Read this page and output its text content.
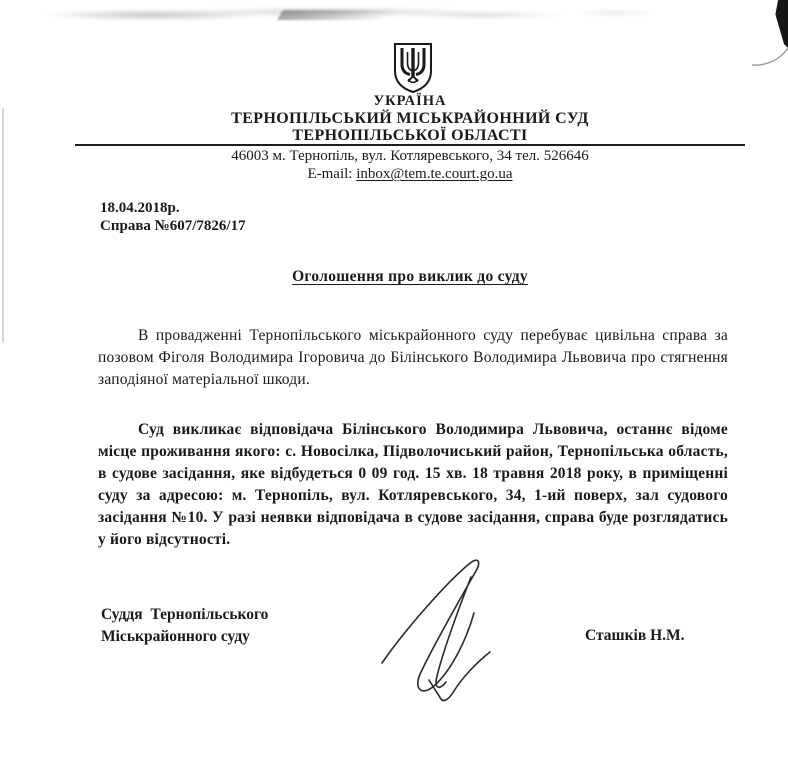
УКРАЇНА
ТЕРНОПІЛЬСЬКИЙ МІСЬКРАЙОННИЙ СУД
ТЕРНОПІЛЬСЬКОЇ ОБЛАСТІ
46003 м. Тернопіль, вул. Котляревського, 34 тел. 526646
E-mail: inbox@tem.te.court.go.ua
18.04.2018р.
Справа №607/7826/17
Оголошення про виклик до суду

В провадженні Тернопільського міськрайонного суду перебуває цивільна справа за позовом Фіголя Володимира Ігоровича до Білінського Володимира Львовича про стягнення заподіяної матеріальної шкоди.

Суд викликає відповідача Білінського Володимира Львовича, останнє відоме місце проживання якого: с. Новосілка, Підволочиський район, Тернопільська область, в судове засідання, яке відбудеться 0 09 год. 15 хв. 18 травня 2018 року, в приміщенні суду за адресою: м. Тернопіль, вул. Котляревського, 34, 1-ий поверх, зал судового засідання №10. У разі неявки відповідача в судове засідання, справа буде розглядатись у його відсутності.

Суддя  Тернопільського
Міськрайонного суду	Сташків Н.М.
